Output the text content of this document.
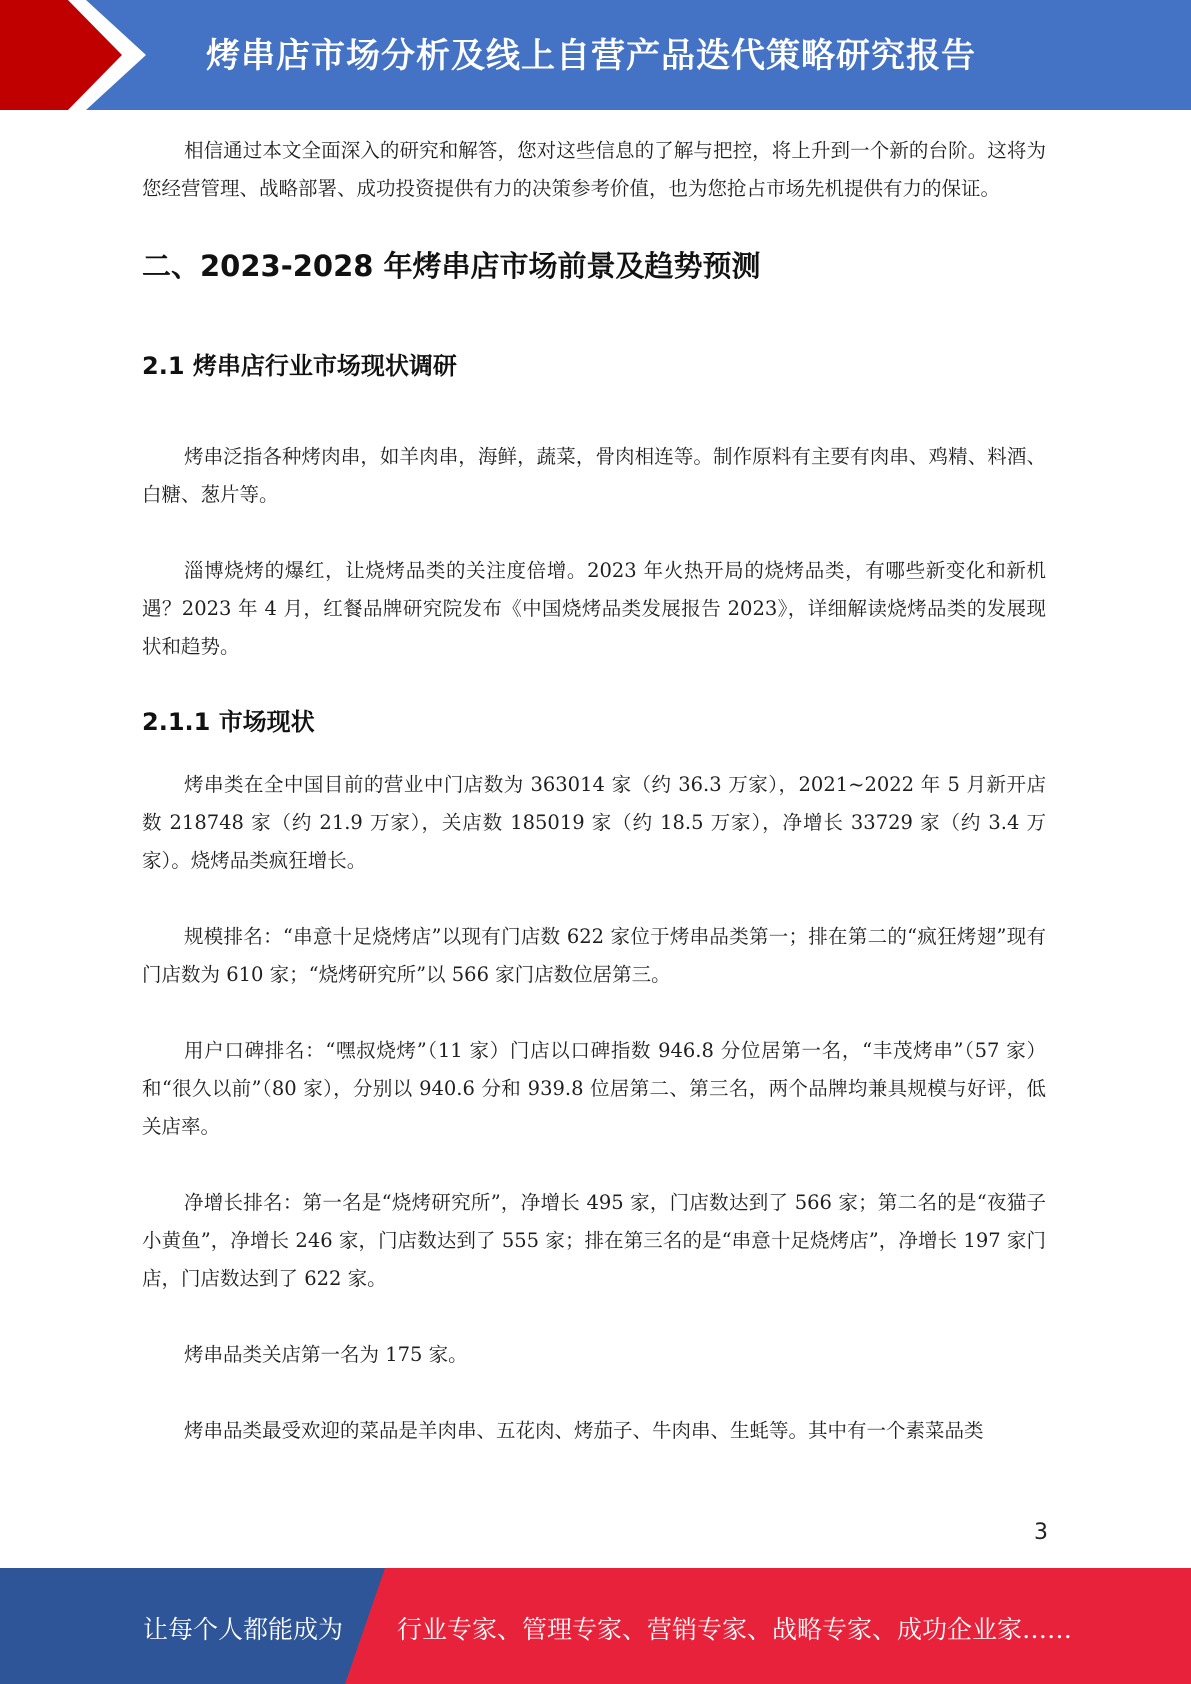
烤串店市场分析及线上自营产品迭代策略研究报告

相信通过本文全面深入的研究和解答，您对这些信息的了解与把控，将上升到一个新的台阶。这将为您经营管理、战略部署、成功投资提供有力的决策参考价值，也为您抢占市场先机提供有力的保证。

二、2023-2028 年烤串店市场前景及趋势预测
2.1 烤串店行业市场现状调研

烤串泛指各种烤肉串，如羊肉串，海鲜，蔬菜，骨肉相连等。制作原料有主要有肉串、鸡精、料酒、白糖、葱片等。

淄博烧烤的爆红，让烧烤品类的关注度倍增。2023 年火热开局的烧烤品类，有哪些新变化和新机遇？2023 年 4 月，红餐品牌研究院发布《中国烧烤品类发展报告 2023》，详细解读烧烤品类的发展现状和趋势。

2.1.1 市场现状

烤串类在全中国目前的营业中门店数为 363014 家（约 36.3 万家），2021~2022 年 5 月新开店数 218748 家（约 21.9 万家），关店数 185019 家（约 18.5 万家），净增长 33729 家（约 3.4 万家）。烧烤品类疯狂增长。

规模排名：“串意十足烧烤店”以现有门店数 622 家位于烤串品类第一；排在第二的“疯狂烤翅”现有门店数为 610 家；“烧烤研究所”以 566 家门店数位居第三。

用户口碑排名：“嘿叔烧烤”（11 家）门店以口碑指数 946.8 分位居第一名，“丰茂烤串”（57 家）和“很久以前”（80 家），分别以 940.6 分和 939.8 位居第二、第三名，两个品牌均兼具规模与好评，低关店率。

净增长排名：第一名是“烧烤研究所”，净增长 495 家，门店数达到了 566 家；第二名的是“夜猫子小黄鱼”，净增长 246 家，门店数达到了 555 家；排在第三名的是“串意十足烧烤店”，净增长 197 家门店，门店数达到了 622 家。

烤串品类关店第一名为 175 家。

烤串品类最受欢迎的菜品是羊肉串、五花肉、烤茄子、牛肉串、生蚝等。其中有一个素菜品类

3
让每个人都能成为 行业专家、管理专家、营销专家、战略专家、成功企业家……
